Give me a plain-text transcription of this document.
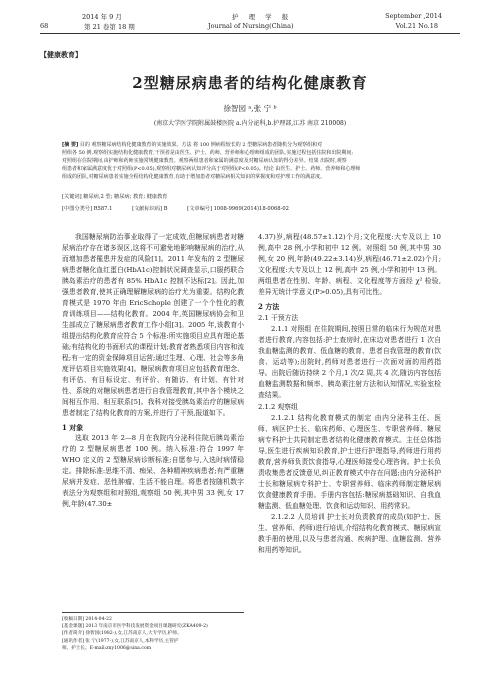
2014 年 9 月
68	第 21 卷第 18 期
护 理 学 报
Journal of Nursing(China)
September ,2014
Vol.21 No.18
【健康教育】
2型糖尿病患者的结构化健康教育
徐智园 ᵃ,张 宁 ᵇ
(南京大学医学院附属鼓楼医院 a.内分泌科,b.护理部,江苏 南京 210008)

[摘 要] 目的 观察糖尿病结构化健康教育的实施效果。方法 将 100 例病程较长的 2 型糖尿病患者随机分为观察组和对

照组各 50 例,观察组实施结构化健康教育,干预者是由医生、护士、药师、营养师和心理师组成的团队,实施过程包括住院和出院期间;

对照组在住院期间,由护师和药师实施常规健康教育。观察两组患者和家属的满意度及对糖尿病认知的得分差异。结果 出院时,观察

组患者和家属满意度优于对照组(P<0.05),观察组对糖尿病认知评分高于对照组(P<0.05)。结论 由医生、护士、药师、营养师和心理师

组成的团队,对糖尿病患者实施全程结构化健康教育,有助于增加患者对糖尿病相关知识的掌握度和对护理工作的满意度。

[关键词] 糖尿病,2 型; 糖尿病; 教育; 健康教育
[中图分类号] R587.1	[文献标识码] B	[文章编号] 1008-9969(2014)18-0068-02

我国糖尿病防治事业取得了一定成效,但糖尿病患者对糖尿病治疗存在诸多误区,这将不可避免地影响糖尿病的治疗,从而增加患者罹患并发症的风险[1]。2011 年发布的 2 型糖尿病患者糖化血红蛋白(HbA1c)控制状况调查显示,口服药联合胰岛素治疗的患者有 85% HbA1c 控制不达标[2]。因此,加强患者教育,使其正确理解糖尿病的治疗尤为重要。结构化教育模式是 1970 年由 EricSchople 创建了一个个性化的教育训练项目——结构化教育。2004 年,英国糖尿病协会和卫生部成立了糖尿病患者教育工作小组[3]。2005 年,该教育小组提出结构化教育应符合 5 个标准:所实施项目应具有理论基础;有结构化的书面形式的课程计划;教育者熟悉项目内容和流程;有一定的资金保障项目运营;通过生理、心理、社会等多角度评估项目实施效果[4]。糖尿病教育项目应包括教育理念、有评估、有目标设定、有评价、有随访、有计划、有针对性、系统的对糖尿病患者进行自我管理教育,其中各个模块之间相互作用、相互联系[5]。我科对接受胰岛素治疗的糖尿病患者制定了结构化教育的方案,并进行了干预,报道如下。

1 对象

选取 2013 年 2—8 月在我院内分泌科住院后胰岛素治疗的 2 型糖尿病患者 100 例。纳入标准:符合 1997 年 WHO 定义的 2 型糖尿病诊断标准;自愿参与,入选时病情稳定。排除标准:思维不清、痴呆、各种精神疾病患者;有严重糖尿病并发症、恶性肿瘤、生活不能自理。将患者按随机数字表法分为观察组和对照组,观察组 50 例,其中男 33 例,女 17 例,年龄(47.30±

4.37)岁,病程(48.57±1.12)个月;文化程度:大专及以上 10 例,高中 28 例,小学和初中 12 例。对照组 50 例,其中男 30 例,女 20 例,年龄(49.22±3.14)岁,病程(46.71±2.02)个月;文化程度:大专及以上 12 例,高中 25 例,小学和初中 13 例。两组患者在性别、年龄、病程、文化程度等方面经 χ² 检验,差异无统计学意义(P>0.05),具有可比性。

2 方法

2.1 干预方法

2.1.1 对照组 在住院期间,按照日常的临床行为规范对患者进行教育,内容包括:护士查房时,在床边对患者进行 1 次自我血糖监测的教育、低血糖的教育、患者自我管理的教育(饮食、运动等);出院时,药师对患者进行一次面对面的用药指导。出院后随访持续 2 个月,1 次/2 周,共 4 次,随访内容包括血糖监测数据和频率、胰岛素注射方法和认知情况,实验室检查结果。

2.1.2 观察组

2.1.2.1 结构化教育模式的制定 由内分泌科主任、医师、病区护士长、临床药师、心理医生、专职营养师、糖尿病专科护士共同制定患者结构化健康教育模式。主任总体指导,医生进行疾病知识教育,护士进行护理指导,药师进行用药教育,营养师负责饮食指导,心理医师接受心理咨询。护士长负责收集患者反馈意见,纠正教育模式中存在问题;由内分泌科护士长和糖尿病专科护士、专职营养师、临床药师制定糖尿病饮食健康教育手册。手册内容包括:糖尿病基础知识、自我血糖监测、低血糖处理、饮食和运动知识、用药常识。

2.1.2.2 人员培训 护士长对负责教育的成员(如护士、医生、营养师、药师)进行培训,介绍结构化教育模式、糖尿病宣教手册的使用,以及与患者沟通、疾病护理、血糖监测、营养和用药等知识。

[收稿日期] 2014-04-22
[基金课题] 2013 年南京市医学科技发展资金项目课题研究(ZKA409-2)
[作者简介] 徐智园(1982-),女,江苏南京人,大专学历,护师。
[通讯作者] 张 宁(1977-),女,江苏南京人,本科学历,主管护
师。护士长。E-mail:zny1006@sina.com
